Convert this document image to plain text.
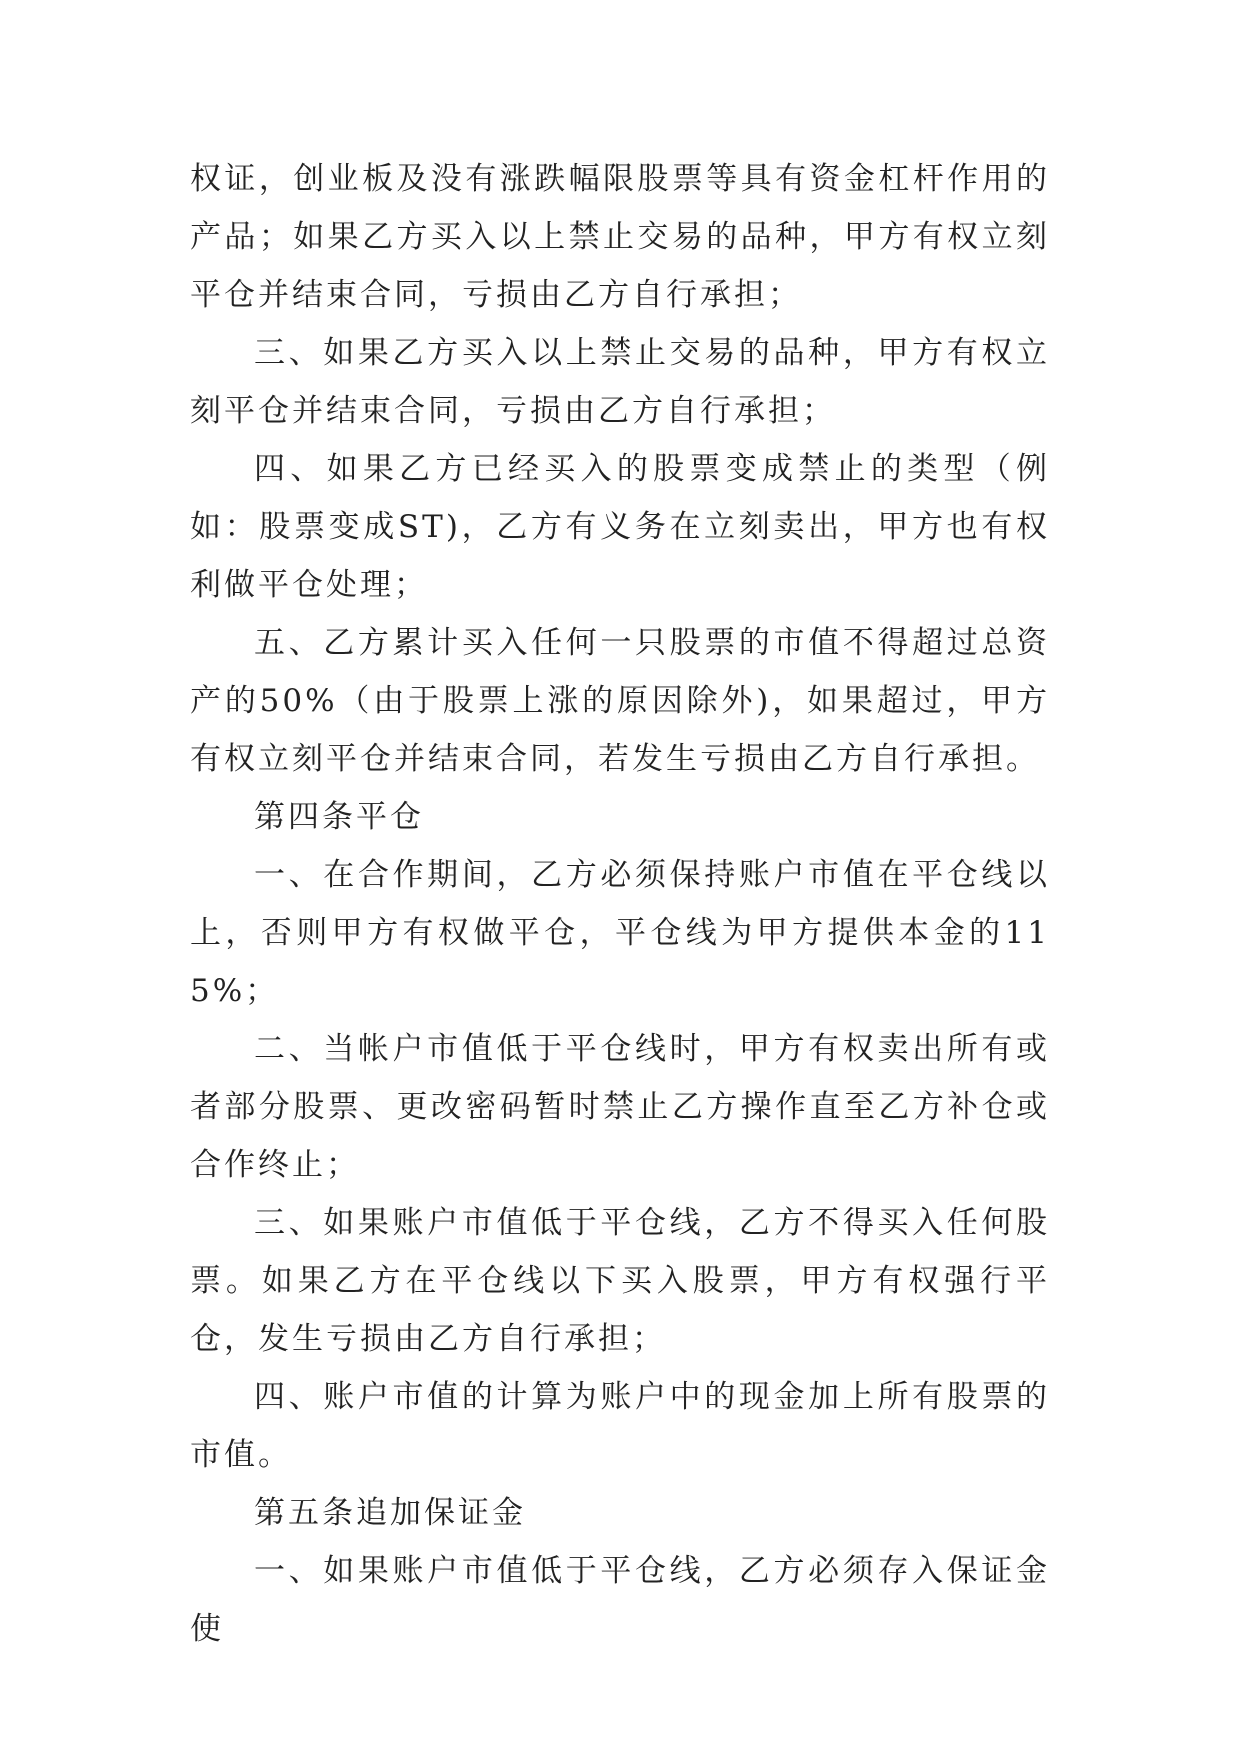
权证，创业板及没有涨跌幅限股票等具有资金杠杆作用的产品；如果乙方买入以上禁止交易的品种，甲方有权立刻平仓并结束合同，亏损由乙方自行承担；

三、如果乙方买入以上禁止交易的品种，甲方有权立刻平仓并结束合同，亏损由乙方自行承担；

四、如果乙方已经买入的股票变成禁止的类型（例如：股票变成ST)，乙方有义务在立刻卖出，甲方也有权利做平仓处理；

五、乙方累计买入任何一只股票的市值不得超过总资产的50%（由于股票上涨的原因除外)，如果超过，甲方有权立刻平仓并结束合同，若发生亏损由乙方自行承担。

第四条平仓

一、在合作期间，乙方必须保持账户市值在平仓线以上，否则甲方有权做平仓，平仓线为甲方提供本金的115%；

二、当帐户市值低于平仓线时，甲方有权卖出所有或者部分股票、更改密码暂时禁止乙方操作直至乙方补仓或合作终止；

三、如果账户市值低于平仓线，乙方不得买入任何股票。如果乙方在平仓线以下买入股票，甲方有权强行平仓，发生亏损由乙方自行承担；

四、账户市值的计算为账户中的现金加上所有股票的市值。

第五条追加保证金

一、如果账户市值低于平仓线，乙方必须存入保证金使
